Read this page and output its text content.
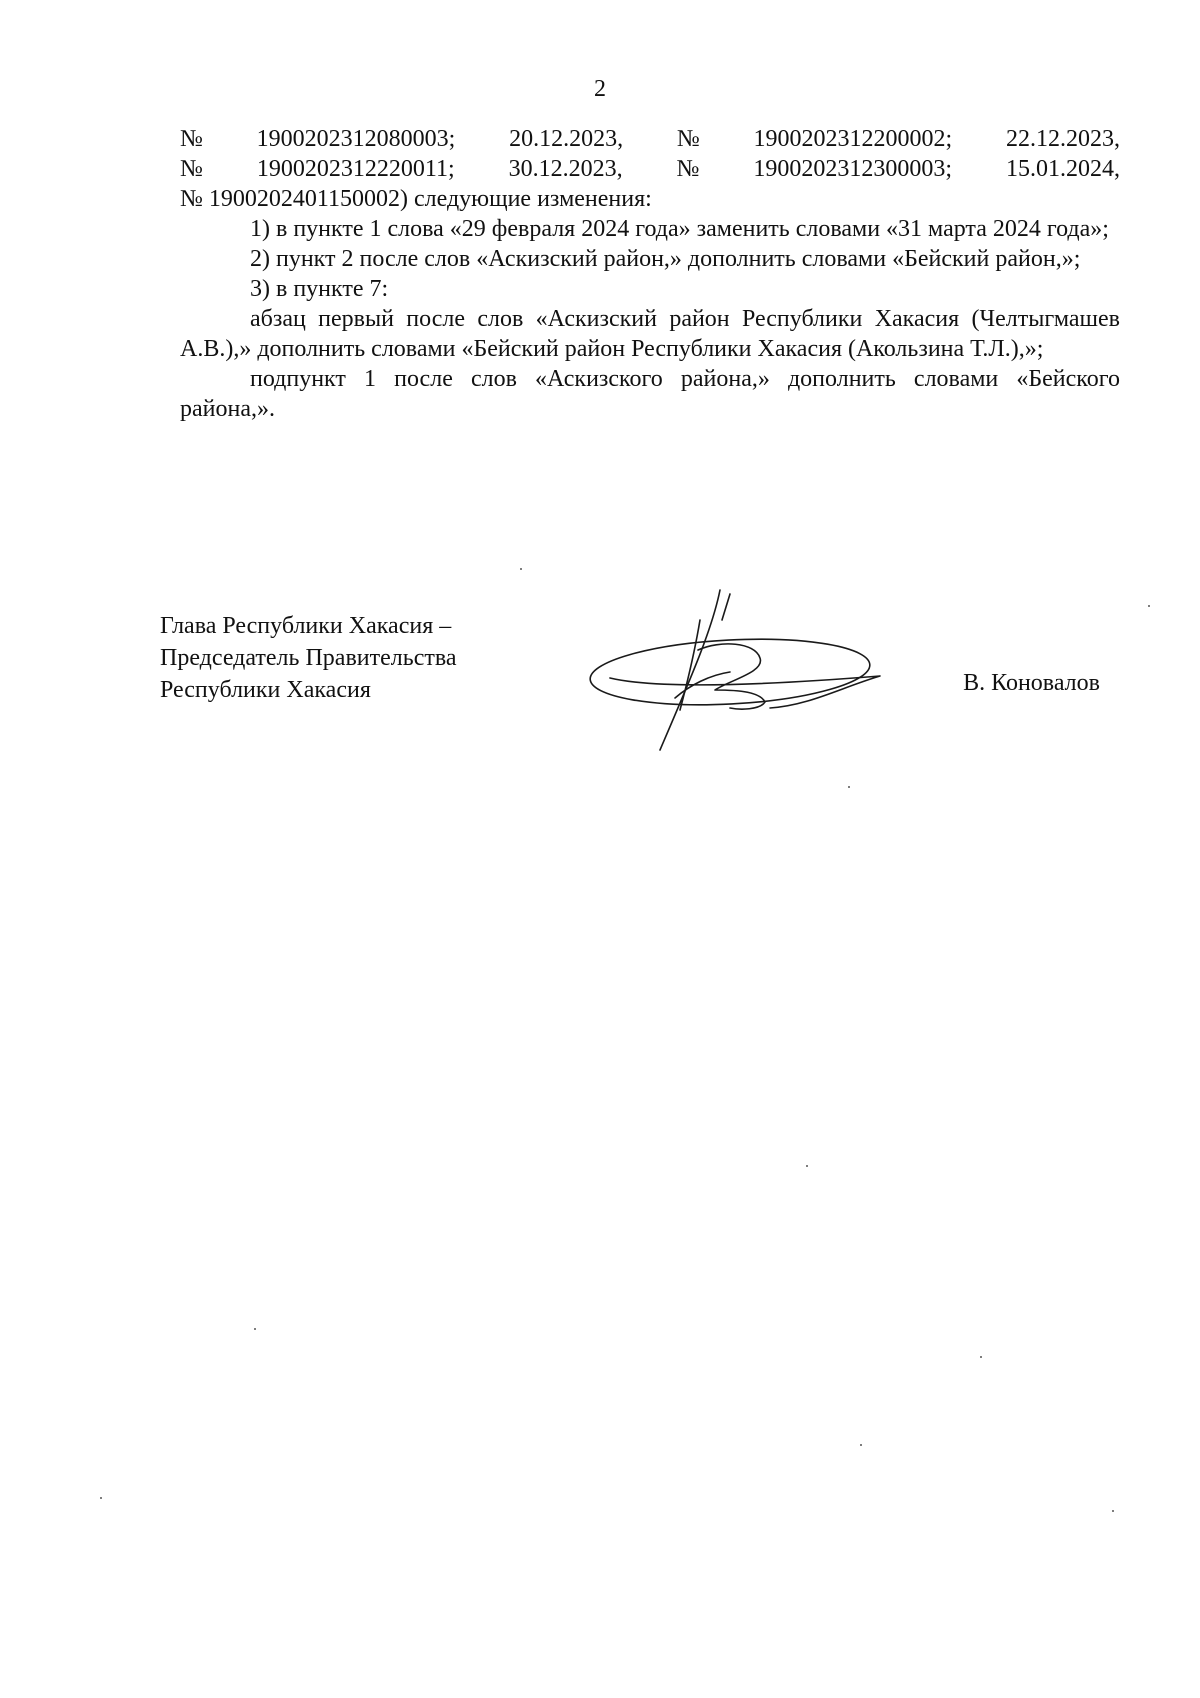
2
№ 1900202312080003; 20.12.2023, № 1900202312200002; 22.12.2023,
№ 1900202312220011; 30.12.2023, № 1900202312300003; 15.01.2024,
№ 1900202401150002) следующие изменения:
1) в пункте 1 слова «29 февраля 2024 года» заменить словами «31 марта 2024 года»;
2) пункт 2 после слов «Аскизский район,» дополнить словами «Бейский район,»;
3) в пункте 7:
абзац первый после слов «Аскизский район Республики Хакасия (Челтыгмашев А.В.),» дополнить словами «Бейский район Республики Хакасия (Акользина Т.Л.),»;
подпункт 1 после слов «Аскизского района,» дополнить словами «Бейского района,».
Глава Республики Хакасия –
Председатель Правительства
Республики Хакасия	В. Коновалов
